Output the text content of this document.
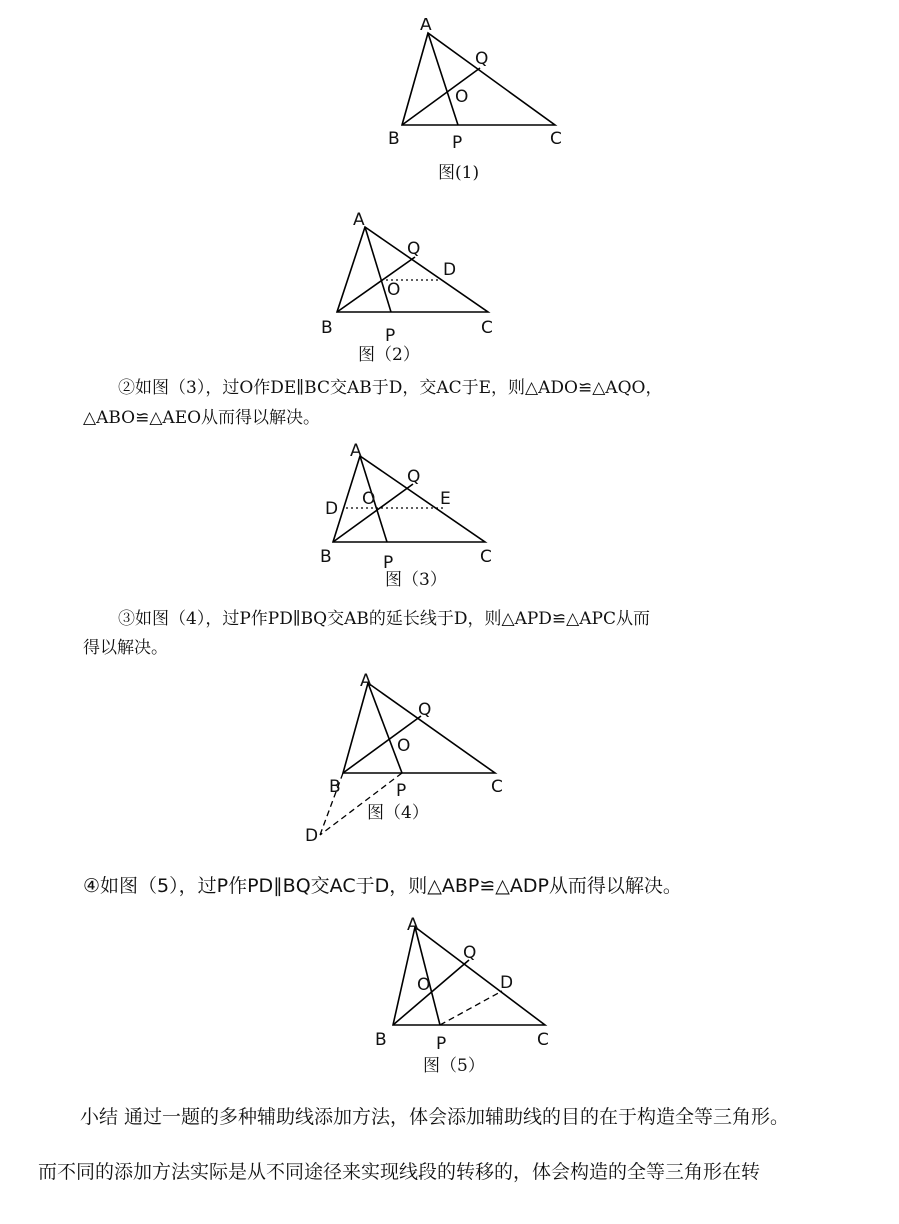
A
B	C
P
Q
O
图(1)
A
B	C
P
Q
O
D
图（2）

②如图（3），过O作DE∥BC交AB于D，交AC于E，则△ADO≌△AQO，

△ABO≌△AEO从而得以解决。

A
B	C
P
Q
O
D	E
图（3）

③如图（4），过P作PD∥BQ交AB的延长线于D，则△APD≌△APC从而

得以解决。

A
B	C
P
Q
O
D
图（4）

④如图（5），过P作PD∥BQ交AC于D，则△ABP≌△ADP从而得以解决。

A
B	C
P
Q
O	D
图（5）

小结 通过一题的多种辅助线添加方法，体会添加辅助线的目的在于构造全等三角形。

而不同的添加方法实际是从不同途径来实现线段的转移的，体会构造的全等三角形在转
